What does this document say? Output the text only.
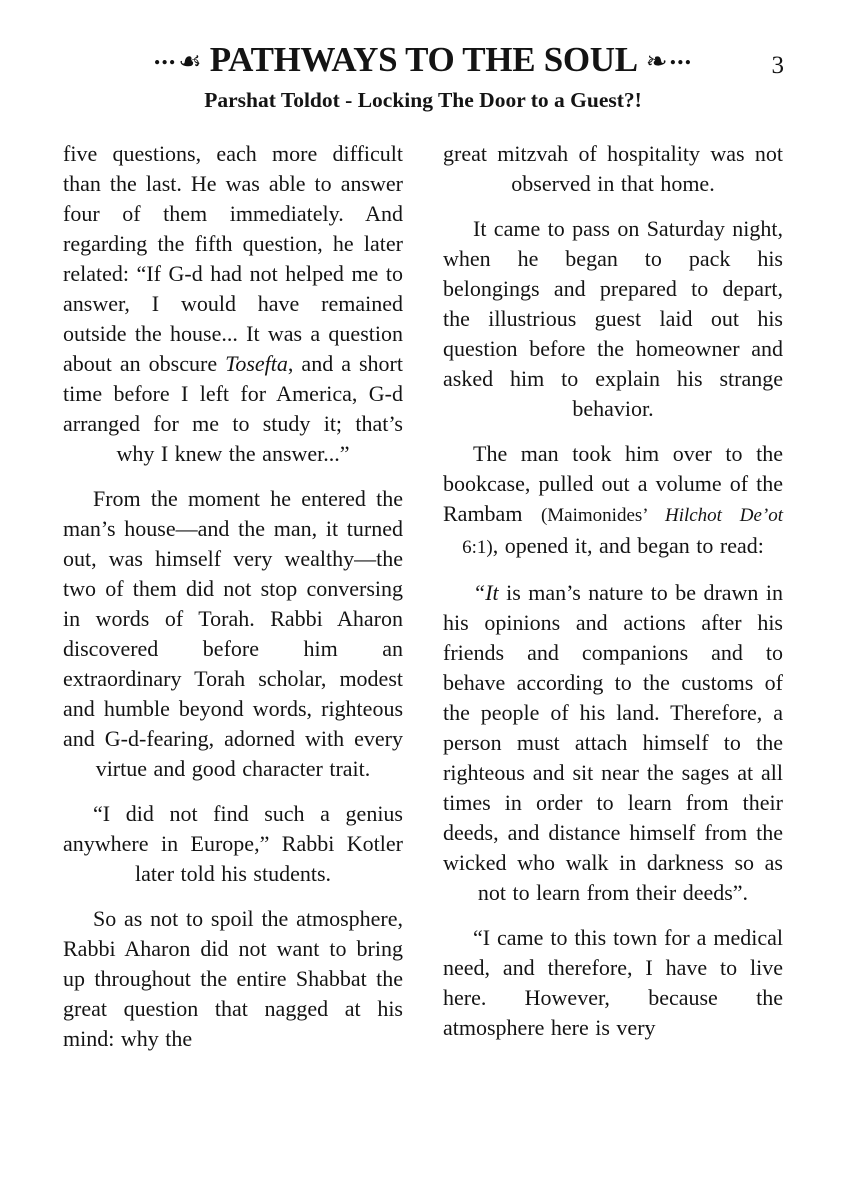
... ☙ PATHWAYS TO THE SOUL ❧ ...	3
Parshat Toldot - Locking The Door to a Guest?!

five questions, each more difficult than the last. He was able to answer four of them immediately. And regarding the fifth question, he later related: “If G-d had not helped me to answer, I would have remained outside the house... It was a question about an obscure Tosefta, and a short time before I left for America, G-d arranged for me to study it; that’s why I knew the answer...”

From the moment he entered the man’s house—and the man, it turned out, was himself very wealthy—the two of them did not stop conversing in words of Torah. Rabbi Aharon discovered before him an extraordinary Torah scholar, modest and humble beyond words, righteous and G-d-fearing, adorned with every virtue and good character trait.

“I did not find such a genius anywhere in Europe,” Rabbi Kotler later told his students.

So as not to spoil the atmosphere, Rabbi Aharon did not want to bring up throughout the entire Shabbat the great question that nagged at his mind: why the

great mitzvah of hospitality was not observed in that home.

It came to pass on Saturday night, when he began to pack his belongings and prepared to depart, the illustrious guest laid out his question before the homeowner and asked him to explain his strange behavior.

The man took him over to the bookcase, pulled out a volume of the Rambam (Maimonides’ Hilchot De’ot 6:1), opened it, and began to read:

“It is man’s nature to be drawn in his opinions and actions after his friends and companions and to behave according to the customs of the people of his land. Therefore, a person must attach himself to the righteous and sit near the sages at all times in order to learn from their deeds, and distance himself from the wicked who walk in darkness so as not to learn from their deeds”.

“I came to this town for a medical need, and therefore, I have to live here. However, because the atmosphere here is very
